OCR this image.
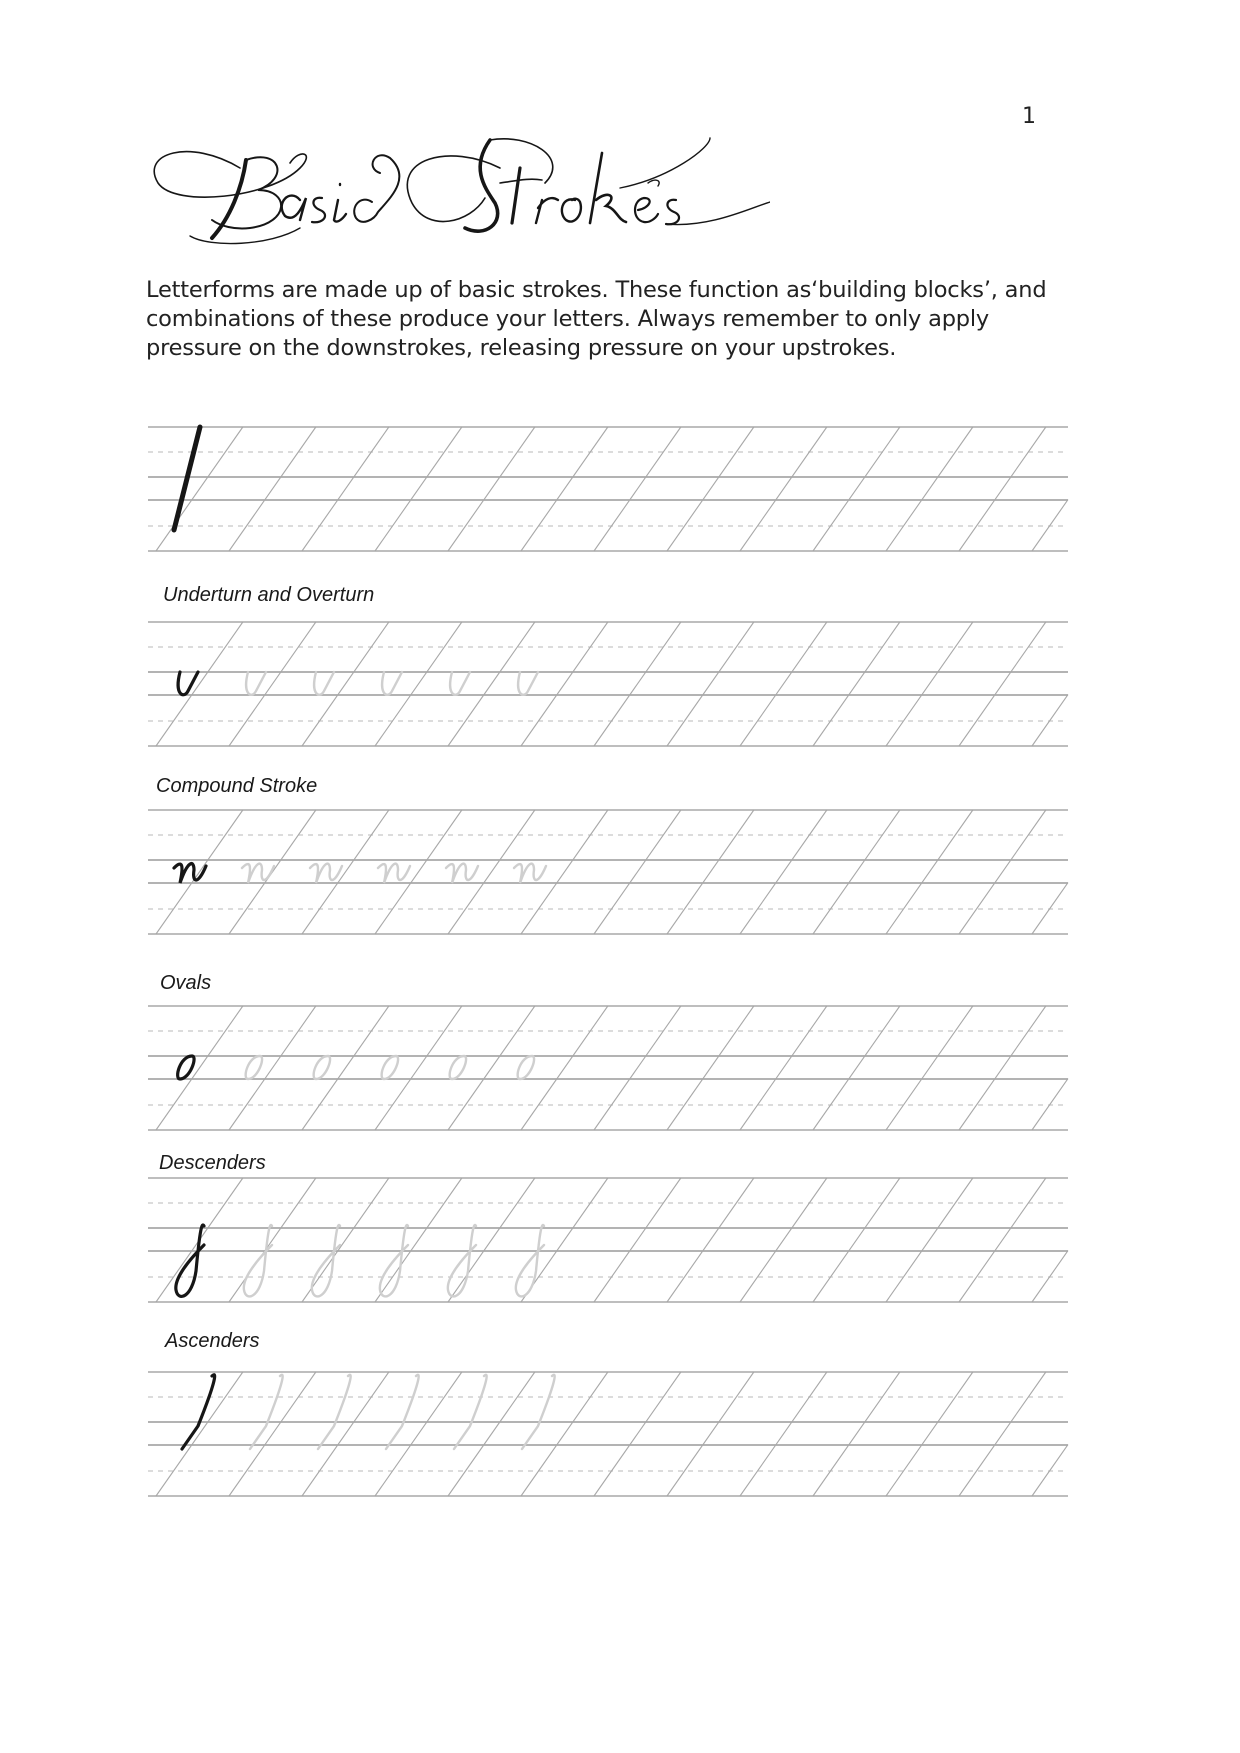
1
Letterforms are made up of basic strokes. These function as‘building blocks’, and combinations of these produce your letters. Always remember to only apply pressure on the downstrokes, releasing pressure on your upstrokes.
Underturn and Overturn
Compound Stroke
Ovals
Descenders
Ascenders
